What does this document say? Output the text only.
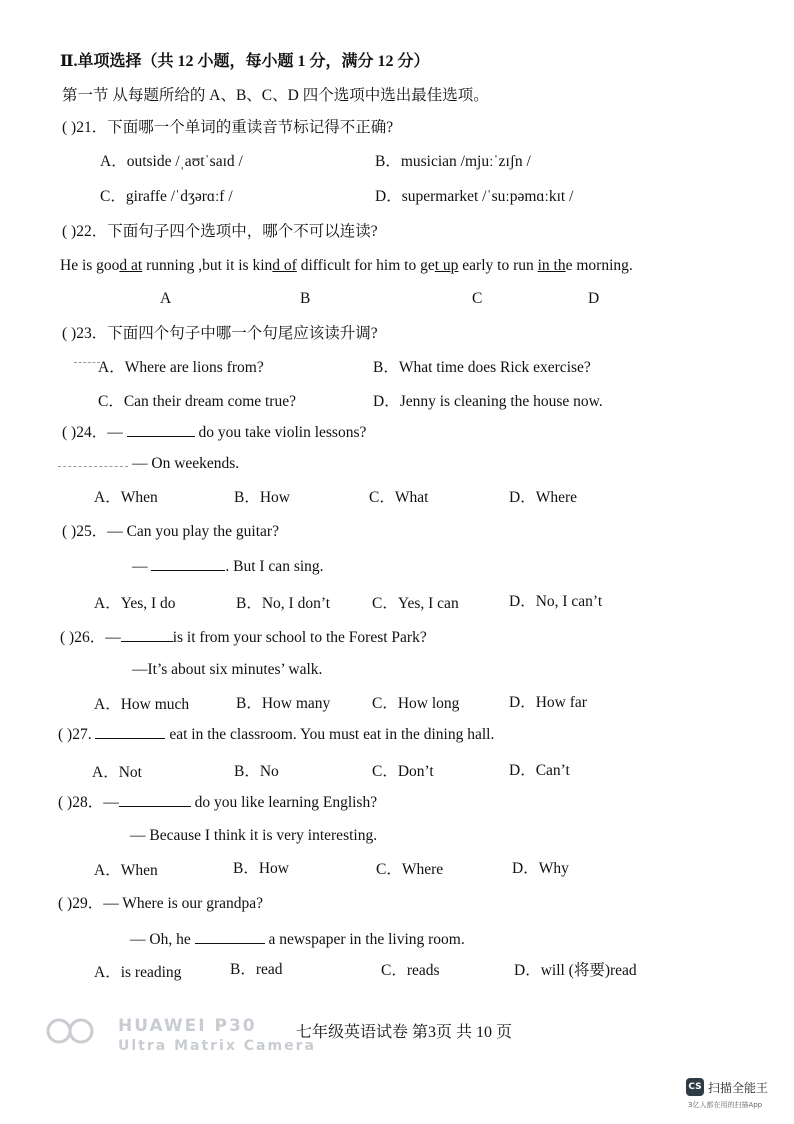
Ⅱ.单项选择（共 12 小题，每小题 1 分，满分 12 分）
第一节 从每题所给的 A、B、C、D 四个选项中选出最佳选项。
( )21．下面哪一个单词的重读音节标记得不正确?
A．outside /ˌaʊtˈsaɪd /	B．musician /mjuːˈzɪʃn /
C．giraffe /ˈdʒərɑːf /	D．supermarket /ˈsuːpəmɑːkɪt /
( )22．下面句子四个选项中，哪个不可以连读?
He is good at running ,but it is kind of difficult for him to get up early to run in the morning.
A	B	C	D
( )23．下面四个句子中哪一个句尾应该读升调?
A．Where are lions from?	B．What time does Rick exercise?
C．Can their dream come true?	D．Jenny is cleaning the house now.
( )24．—	do you take violin lessons?
— On weekends.
A．When	B．How	C．What	D．Where
( )25．— Can you play the guitar?
—	. But I can sing.
A．Yes, I do	B．No, I don’t	C．Yes, I can	D．No, I can’t
( )26．—	is it from your school to the Forest Park?
—It’s about six minutes’ walk.
A．How much	B．How many	C．How long	D．How far
( )27.	eat in the classroom. You must eat in the dining hall.
A．Not	B．No	C．Don’t	D．Can’t
( )28．—	do you like learning English?
— Because I think it is very interesting.
A．When	B．How	C．Where	D．Why
( )29．— Where is our grandpa?
— Oh, he	a newspaper in the living room.
A．is reading	B．read	C．reads	D．will (将要)read
HUAWEI P30
Ultra Matrix Camera
七年级英语试卷 第3页 共 10 页
CS 扫描全能王
3亿人都在用的扫描App
